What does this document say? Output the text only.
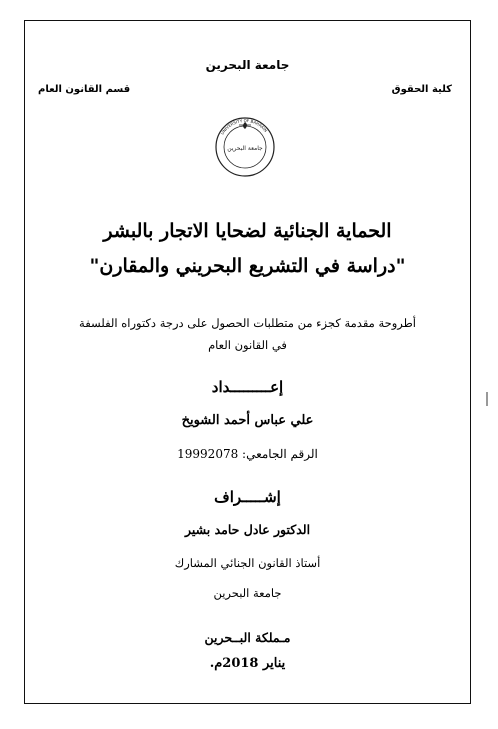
جامعة البحرين
كلية الحقوق
قسم القانون العام
جامعة البحرين
UNIVERSITY OF BAHRAIN
الحماية الجنائية لضحايا الاتجار بالبشر
"دراسة في التشريع البحريني والمقارن"
أطروحة مقدمة كجزء من متطلبات الحصول على درجة دكتوراه الفلسفة
في القانون العام
إعـــــــــداد
علي عباس أحمد الشويخ
الرقم الجامعي: 19992078
إشـــــراف
الدكتور عادل حامد بشير
أستاذ القانون الجنائي المشارك
جامعة البحرين
مـملكة البــحرين
يناير 2018م.
